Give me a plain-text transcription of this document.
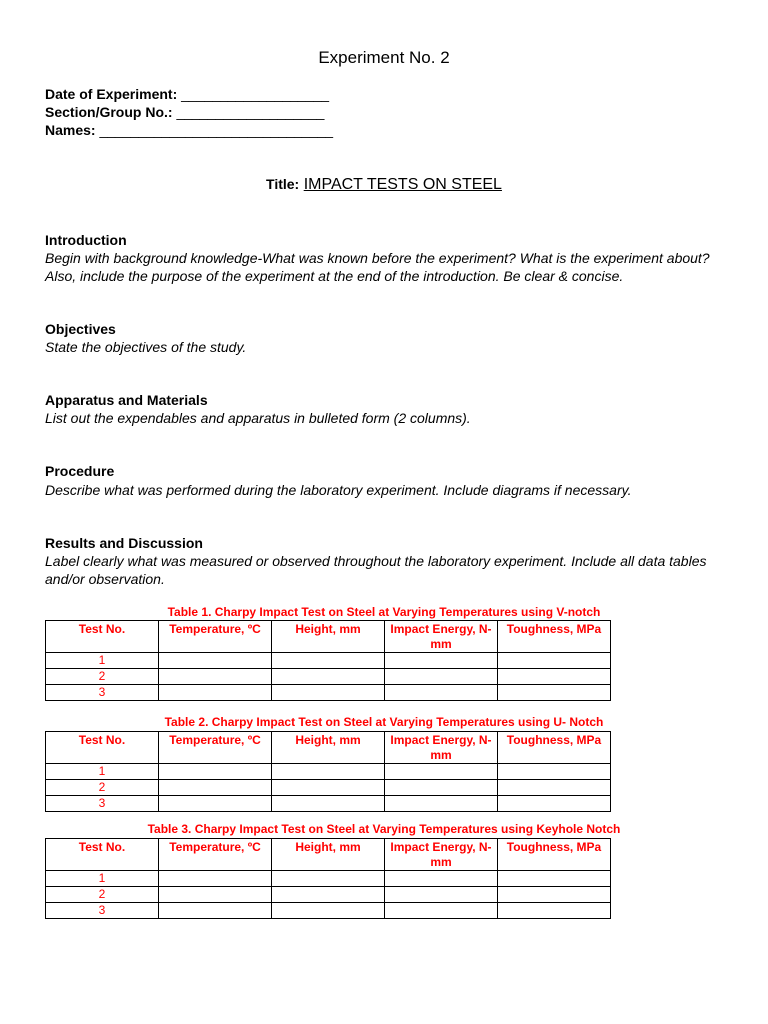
Experiment No. 2
Date of Experiment: ___________________
Section/Group No.: ___________________
Names: ______________________________
Title: IMPACT TESTS ON STEEL
Introduction
Begin with background knowledge-What was known before the experiment? What is the experiment about? Also, include the purpose of the experiment at the end of the introduction. Be clear & concise.
Objectives
State the objectives of the study.
Apparatus and Materials
List out the expendables and apparatus in bulleted form (2 columns).
Procedure
Describe what was performed during the laboratory experiment. Include diagrams if necessary.
Results and Discussion
Label clearly what was measured or observed throughout the laboratory experiment. Include all data tables and/or observation.
Table 1. Charpy Impact Test on Steel at Varying Temperatures using V-notch
Test No.	Temperature, ºC	Height, mm	Impact Energy, N-mm	Toughness, MPa
1				
2				
3				
Table 2. Charpy Impact Test on Steel at Varying Temperatures using U- Notch
Test No.	Temperature, ºC	Height, mm	Impact Energy, N-mm	Toughness, MPa
1				
2				
3				
Table 3. Charpy Impact Test on Steel at Varying Temperatures using Keyhole Notch
Test No.	Temperature, ºC	Height, mm	Impact Energy, N-mm	Toughness, MPa
1				
2				
3				
